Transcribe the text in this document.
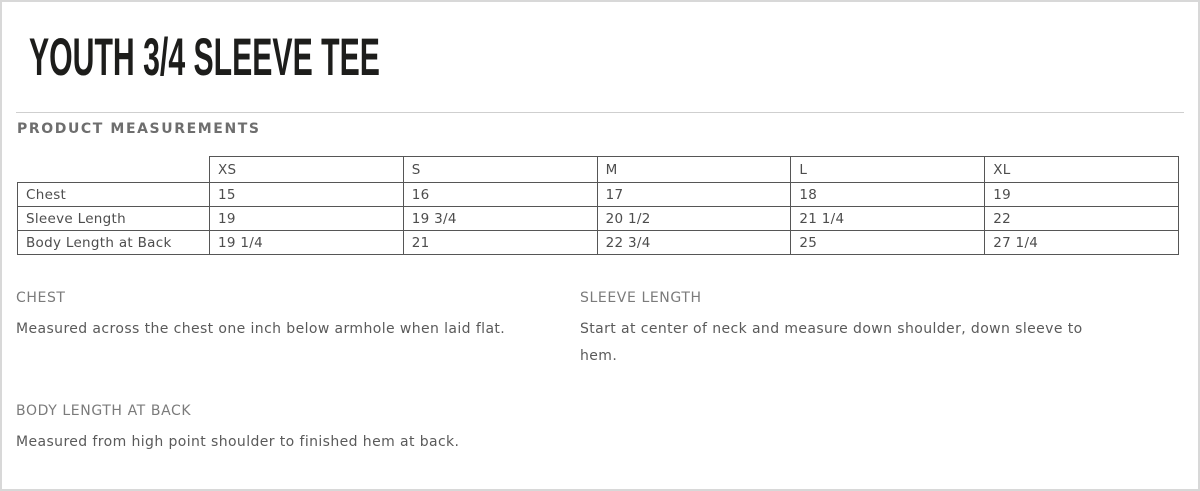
YOUTH 3/4 SLEEVE TEE
PRODUCT MEASUREMENTS
	XS	S	M	L	XL
Chest	15	16	17	18	19
Sleeve Length	19	19 3/4	20 1/2	21 1/4	22
Body Length at Back	19 1/4	21	22 3/4	25	27 1/4
CHEST
Measured across the chest one inch below armhole when laid flat.
SLEEVE LENGTH
Start at center of neck and measure down shoulder, down sleeve to hem.
BODY LENGTH AT BACK
Measured from high point shoulder to finished hem at back.
